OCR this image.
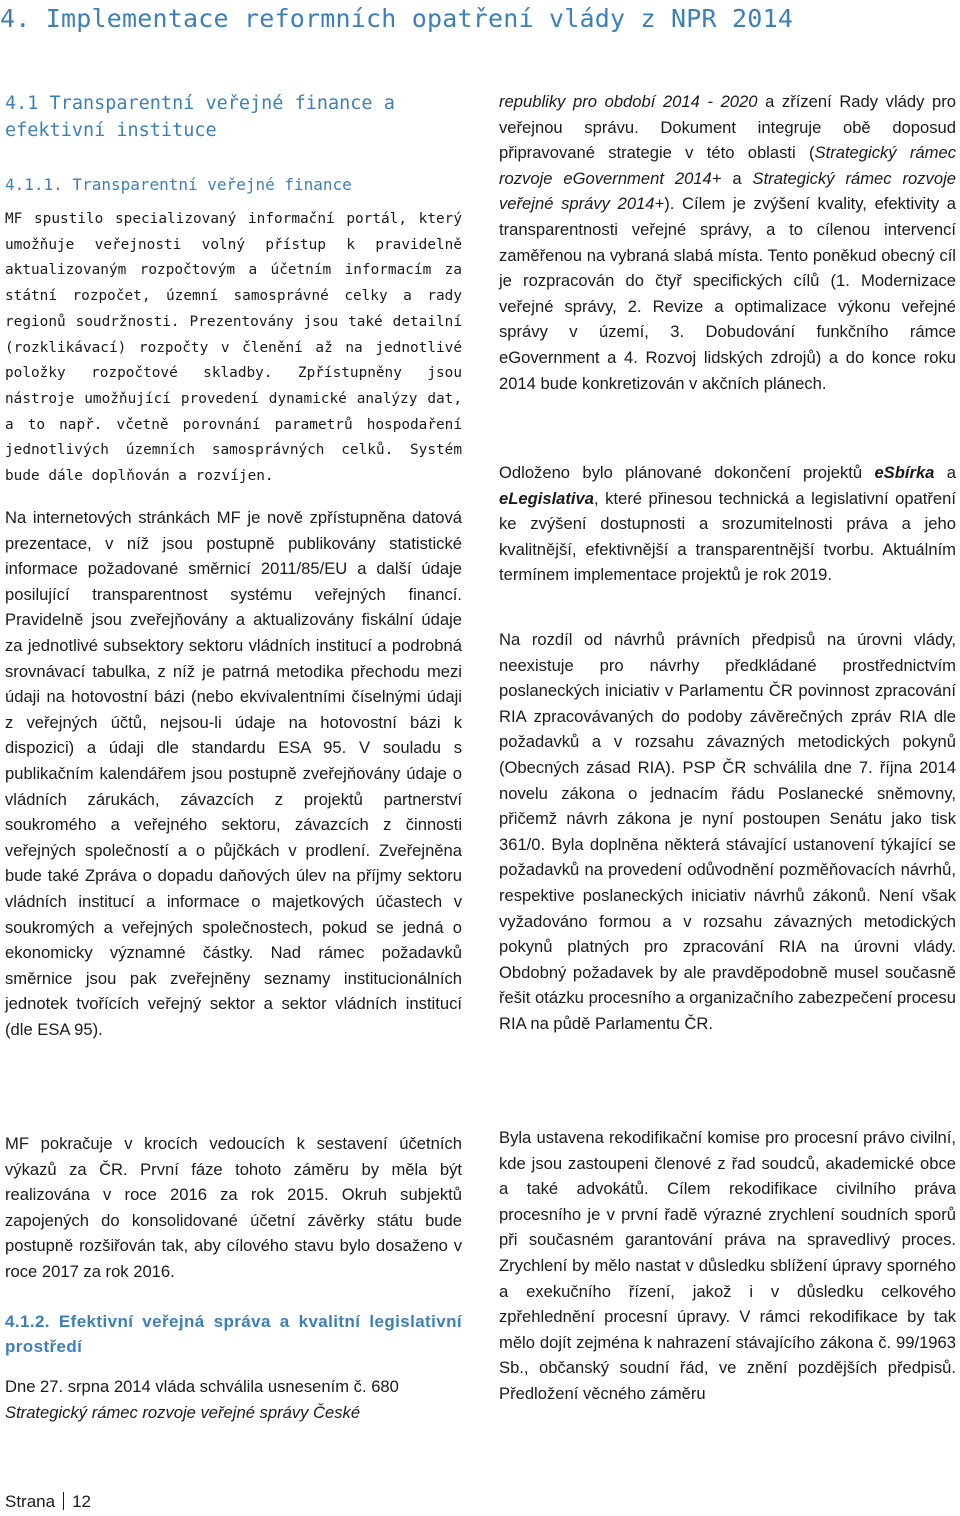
4. Implementace reformních opatření vlády z NPR 2014
4.1 Transparentní veřejné finance a efektivní instituce
4.1.1. Transparentní veřejné finance
MF spustilo specializovaný informační portál, který umožňuje veřejnosti volný přístup k pravidelně aktualizovaným rozpočtovým a účetním informacím za státní rozpočet, územní samosprávné celky a rady regionů soudržnosti. Prezentovány jsou také detailní (rozklikávací) rozpočty v členění až na jednotlivé položky rozpočtové skladby. Zpřístupněny jsou nástroje umožňující provedení dynamické analýzy dat, a to např. včetně porovnání parametrů hospodaření jednotlivých územních samosprávných celků. Systém bude dále doplňován a rozvíjen.
Na internetových stránkách MF je nově zpřístupněna datová prezentace, v níž jsou postupně publikovány statistické informace požadované směrnicí 2011/85/EU a další údaje posilující transparentnost systému veřejných financí. Pravidelně jsou zveřejňovány a aktualizovány fiskální údaje za jednotlivé subsektory sektoru vládních institucí a podrobná srovnávací tabulka, z níž je patrná metodika přechodu mezi údaji na hotovostní bázi (nebo ekvivalentními číselnými údaji z veřejných účtů, nejsou-li údaje na hotovostní bázi k dispozici) a údaji dle standardu ESA 95. V souladu s publikačním kalendářem jsou postupně zveřejňovány údaje o vládních zárukách, závazcích z projektů partnerství soukromého a veřejného sektoru, závazcích z činnosti veřejných společností a o půjčkách v prodlení. Zveřejněna bude také Zpráva o dopadu daňových úlev na příjmy sektoru vládních institucí a informace o majetkových účastech v soukromých a veřejných společnostech, pokud se jedná o ekonomicky významné částky. Nad rámec požadavků směrnice jsou pak zveřejněny seznamy institucionálních jednotek tvořících veřejný sektor a sektor vládních institucí (dle ESA 95).
MF pokračuje v krocích vedoucích k sestavení účetních výkazů za ČR. První fáze tohoto záměru by měla být realizována v roce 2016 za rok 2015. Okruh subjektů zapojených do konsolidované účetní závěrky státu bude postupně rozšiřován tak, aby cílového stavu bylo dosaženo v roce 2017 za rok 2016.
4.1.2. Efektivní veřejná správa a kvalitní legislativní prostředí
Dne 27. srpna 2014 vláda schválila usnesením č. 680
Strategický rámec rozvoje veřejné správy České
republiky pro období 2014 - 2020 a zřízení Rady vlády pro veřejnou správu. Dokument integruje obě doposud připravované strategie v této oblasti (Strategický rámec rozvoje eGovernment 2014+ a Strategický rámec rozvoje veřejné správy 2014+). Cílem je zvýšení kvality, efektivity a transparentnosti veřejné správy, a to cílenou intervencí zaměřenou na vybraná slabá místa. Tento poněkud obecný cíl je rozpracován do čtyř specifických cílů (1. Modernizace veřejné správy, 2. Revize a optimalizace výkonu veřejné správy v území, 3. Dobudování funkčního rámce eGovernment a 4. Rozvoj lidských zdrojů) a do konce roku 2014 bude konkretizován v akčních plánech.
Odloženo bylo plánované dokončení projektů eSbírka a eLegislativa, které přinesou technická a legislativní opatření ke zvýšení dostupnosti a srozumitelnosti práva a jeho kvalitnější, efektivnější a transparentnější tvorbu. Aktuálním termínem implementace projektů je rok 2019.
Na rozdíl od návrhů právních předpisů na úrovni vlády, neexistuje pro návrhy předkládané prostřednictvím poslaneckých iniciativ v Parlamentu ČR povinnost zpracování RIA zpracovávaných do podoby závěrečných zpráv RIA dle požadavků a v rozsahu závazných metodických pokynů (Obecných zásad RIA). PSP ČR schválila dne 7. října 2014 novelu zákona o jednacím řádu Poslanecké sněmovny, přičemž návrh zákona je nyní postoupen Senátu jako tisk 361/0. Byla doplněna některá stávající ustanovení týkající se požadavků na provedení odůvodnění pozměňovacích návrhů, respektive poslaneckých iniciativ návrhů zákonů. Není však vyžadováno formou a v rozsahu závazných metodických pokynů platných pro zpracování RIA na úrovni vlády. Obdobný požadavek by ale pravděpodobně musel současně řešit otázku procesního a organizačního zabezpečení procesu RIA na půdě Parlamentu ČR.
Byla ustavena rekodifikační komise pro procesní právo civilní, kde jsou zastoupeni členové z řad soudců, akademické obce a také advokátů. Cílem rekodifikace civilního práva procesního je v první řadě výrazné zrychlení soudních sporů při současném garantování práva na spravedlivý proces. Zrychlení by mělo nastat v důsledku sblížení úpravy sporného a exekučního řízení, jakož i v důsledku celkového zpřehlednění procesní úpravy. V rámci rekodifikace by tak mělo dojít zejména k nahrazení stávajícího zákona č. 99/1963 Sb., občanský soudní řád, ve znění pozdějších předpisů. Předložení věcného záměru
Strana 12
